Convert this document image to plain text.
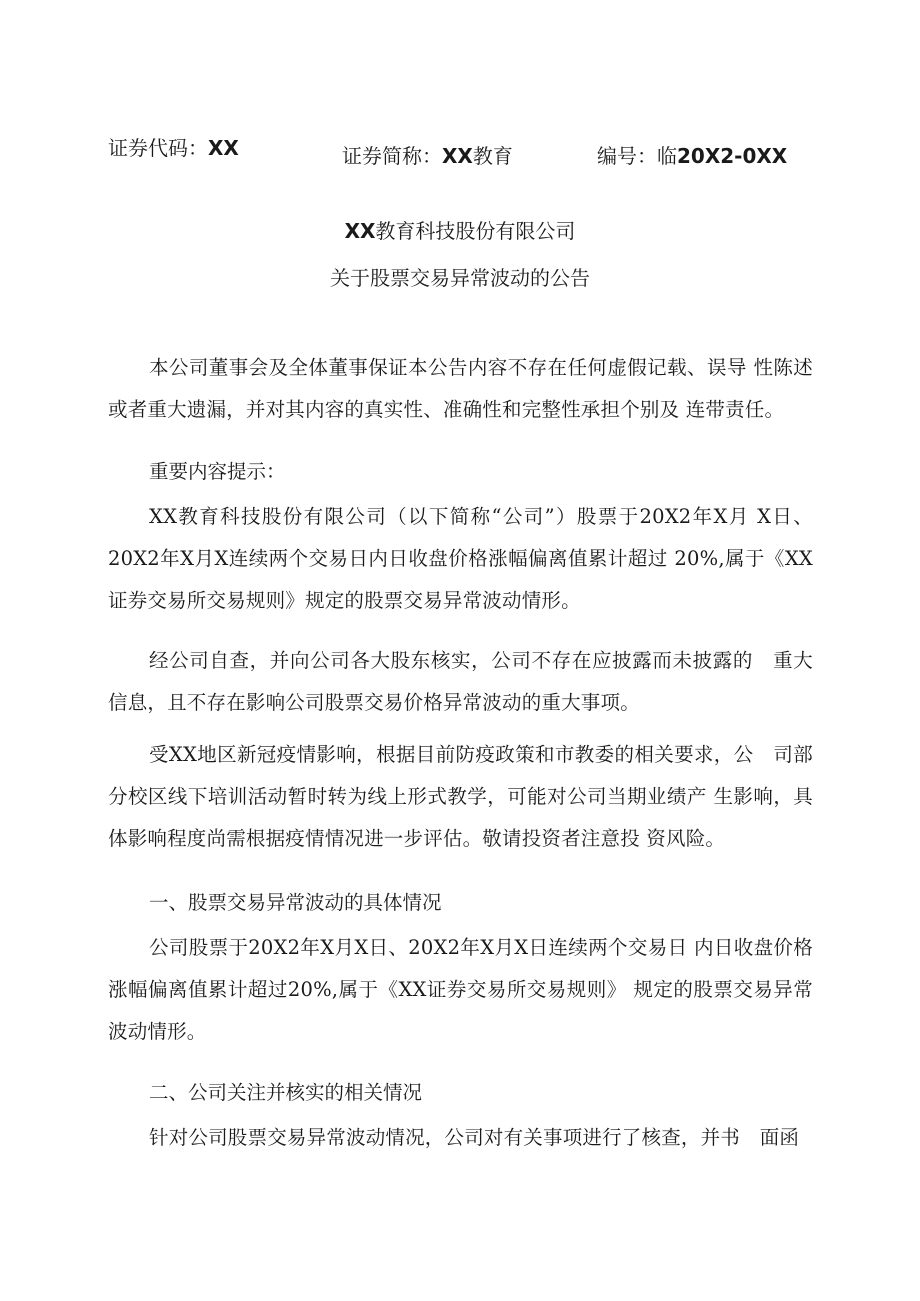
证券代码：XX	证券简称：XX教育	编号：临20X2-0XX
XX教育科技股份有限公司
关于股票交易异常波动的公告
本公司董事会及全体董事保证本公告内容不存在任何虚假记载、误导 性陈述或者重大遗漏，并对其内容的真实性、准确性和完整性承担个别及 连带责任。
重要内容提示：
XX教育科技股份有限公司（以下简称“公司”）股票于20X2年X月 X日、20X2年X月X连续两个交易日内日收盘价格涨幅偏离值累计超过 20%,属于《XX证券交易所交易规则》规定的股票交易异常波动情形。
经公司自查，并向公司各大股东核实，公司不存在应披露而未披露的　重大信息，且不存在影响公司股票交易价格异常波动的重大事项。
受XX地区新冠疫情影响，根据目前防疫政策和市教委的相关要求，公　司部分校区线下培训活动暂时转为线上形式教学，可能对公司当期业绩产 生影响，具体影响程度尚需根据疫情情况进一步评估。敬请投资者注意投 资风险。
一、股票交易异常波动的具体情况
公司股票于20X2年X月X日、20X2年X月X日连续两个交易日 内日收盘价格涨幅偏离值累计超过20%,属于《XX证券交易所交易规则》 规定的股票交易异常波动情形。
二、公司关注并核实的相关情况
针对公司股票交易异常波动情况，公司对有关事项进行了核查，并书　面函
